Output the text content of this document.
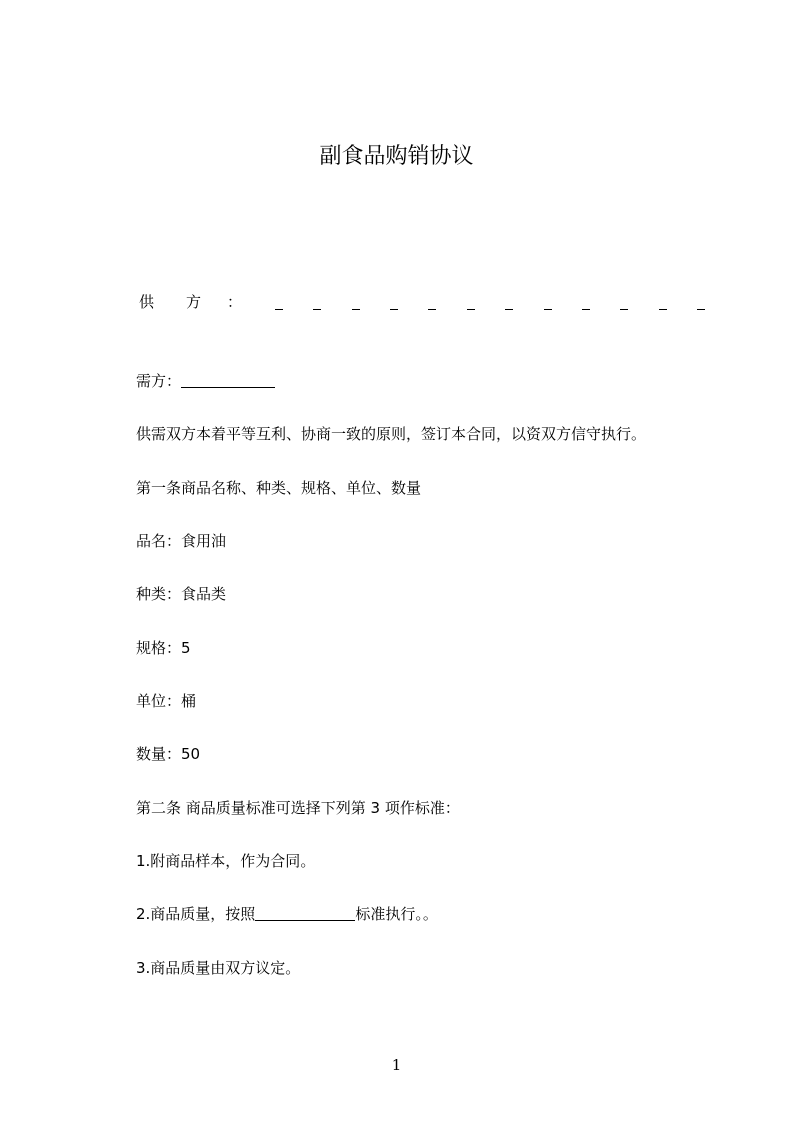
副食品购销协议
供 方 ：
需方：
供需双方本着平等互利、协商一致的原则，签订本合同，以资双方信守执行。
第一条商品名称、种类、规格、单位、数量
品名：食用油
种类：食品类
规格：5
单位：桶
数量：50
第二条 商品质量标准可选择下列第 3 项作标准：
1.附商品样本，作为合同。
2.商品质量，按照	标准执行。。
3.商品质量由双方议定。
1
